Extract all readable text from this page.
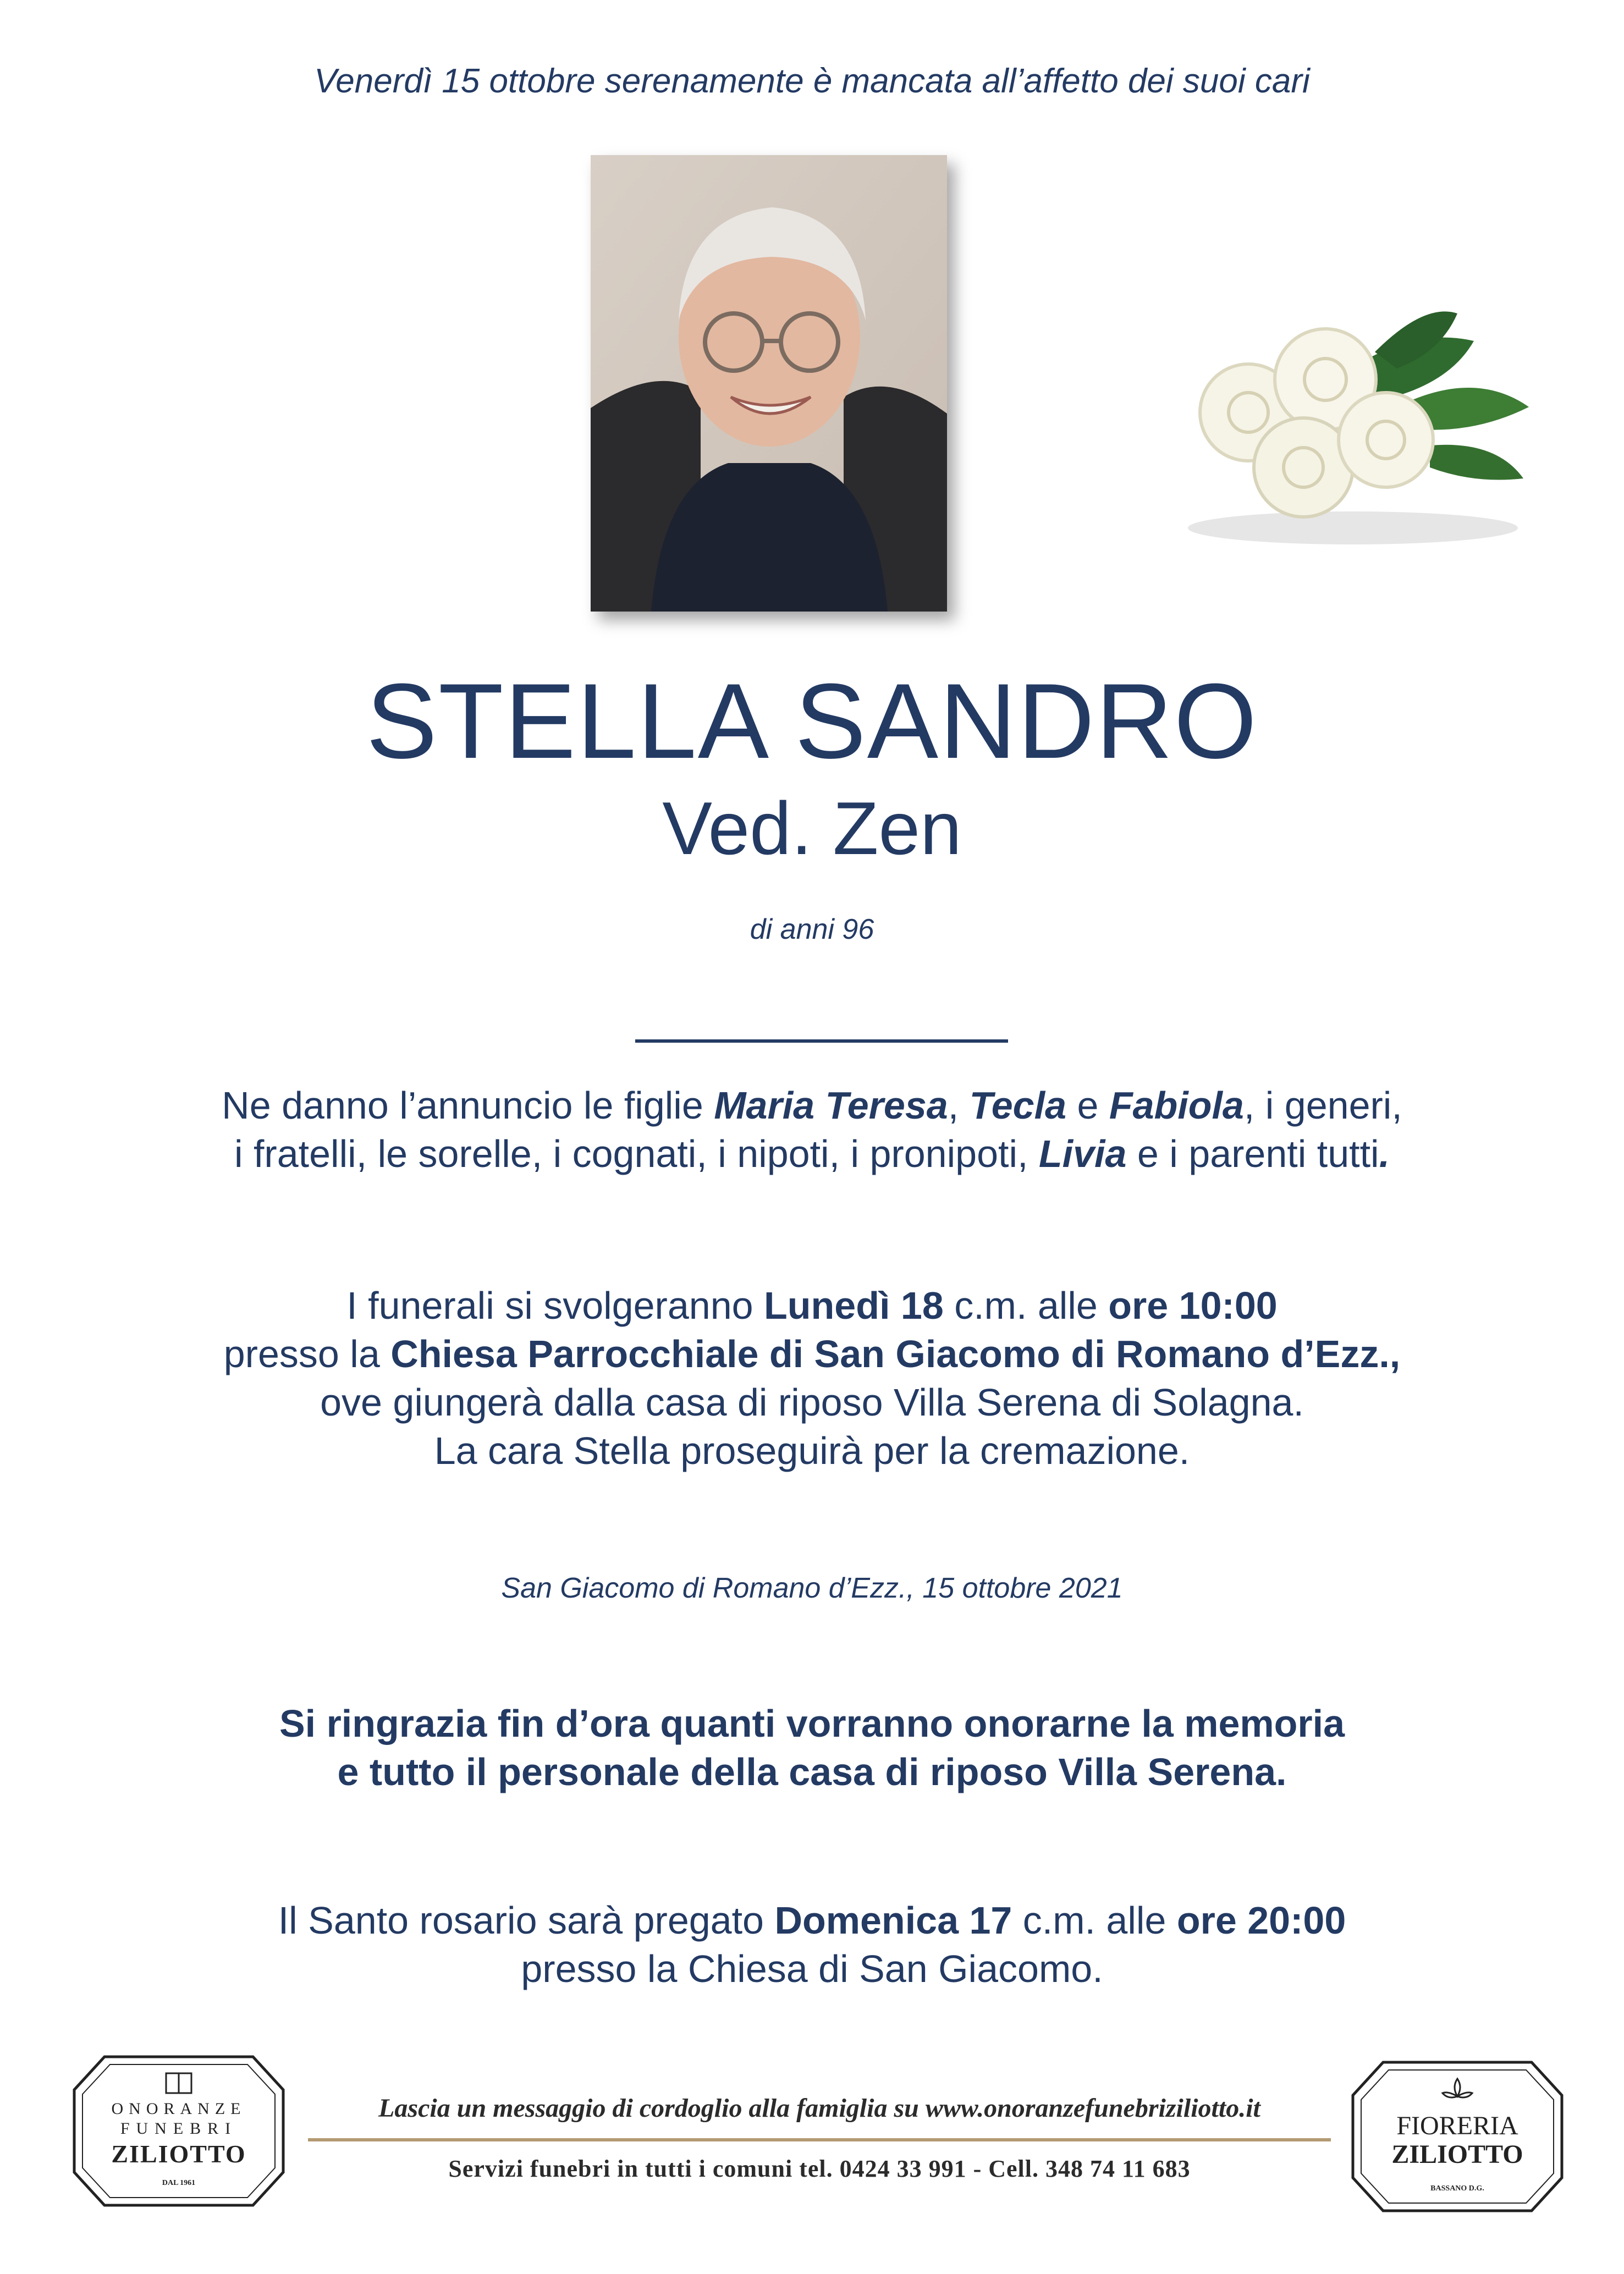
Venerdì 15 ottobre serenamente è mancata all’affetto dei suoi cari
STELLA SANDRO
Ved. Zen
di anni 96
Ne danno l’annuncio le figlie Maria Teresa, Tecla e Fabiola, i generi,
i fratelli, le sorelle, i cognati, i nipoti, i pronipoti, Livia e i parenti tutti.
I funerali si svolgeranno Lunedì 18 c.m. alle ore 10:00
presso la Chiesa Parrocchiale di San Giacomo di Romano d’Ezz.,
ove giungerà dalla casa di riposo Villa Serena di Solagna.
La cara Stella proseguirà per la cremazione.
San Giacomo di Romano d’Ezz., 15 ottobre 2021
Si ringrazia fin d’ora quanti vorranno onorarne la memoria
e tutto il personale della casa di riposo Villa Serena.
Il Santo rosario sarà pregato Domenica 17 c.m. alle ore 20:00
presso la Chiesa di San Giacomo.
ONORANZE
FUNEBRI
ZILIOTTO
DAL 1961
Lascia un messaggio di cordoglio alla famiglia su www.onoranzefunebriziliotto.it
Servizi funebri in tutti i comuni tel. 0424 33 991 - Cell. 348 74 11 683
FIORERIA
ZILIOTTO
BASSANO D.G.
